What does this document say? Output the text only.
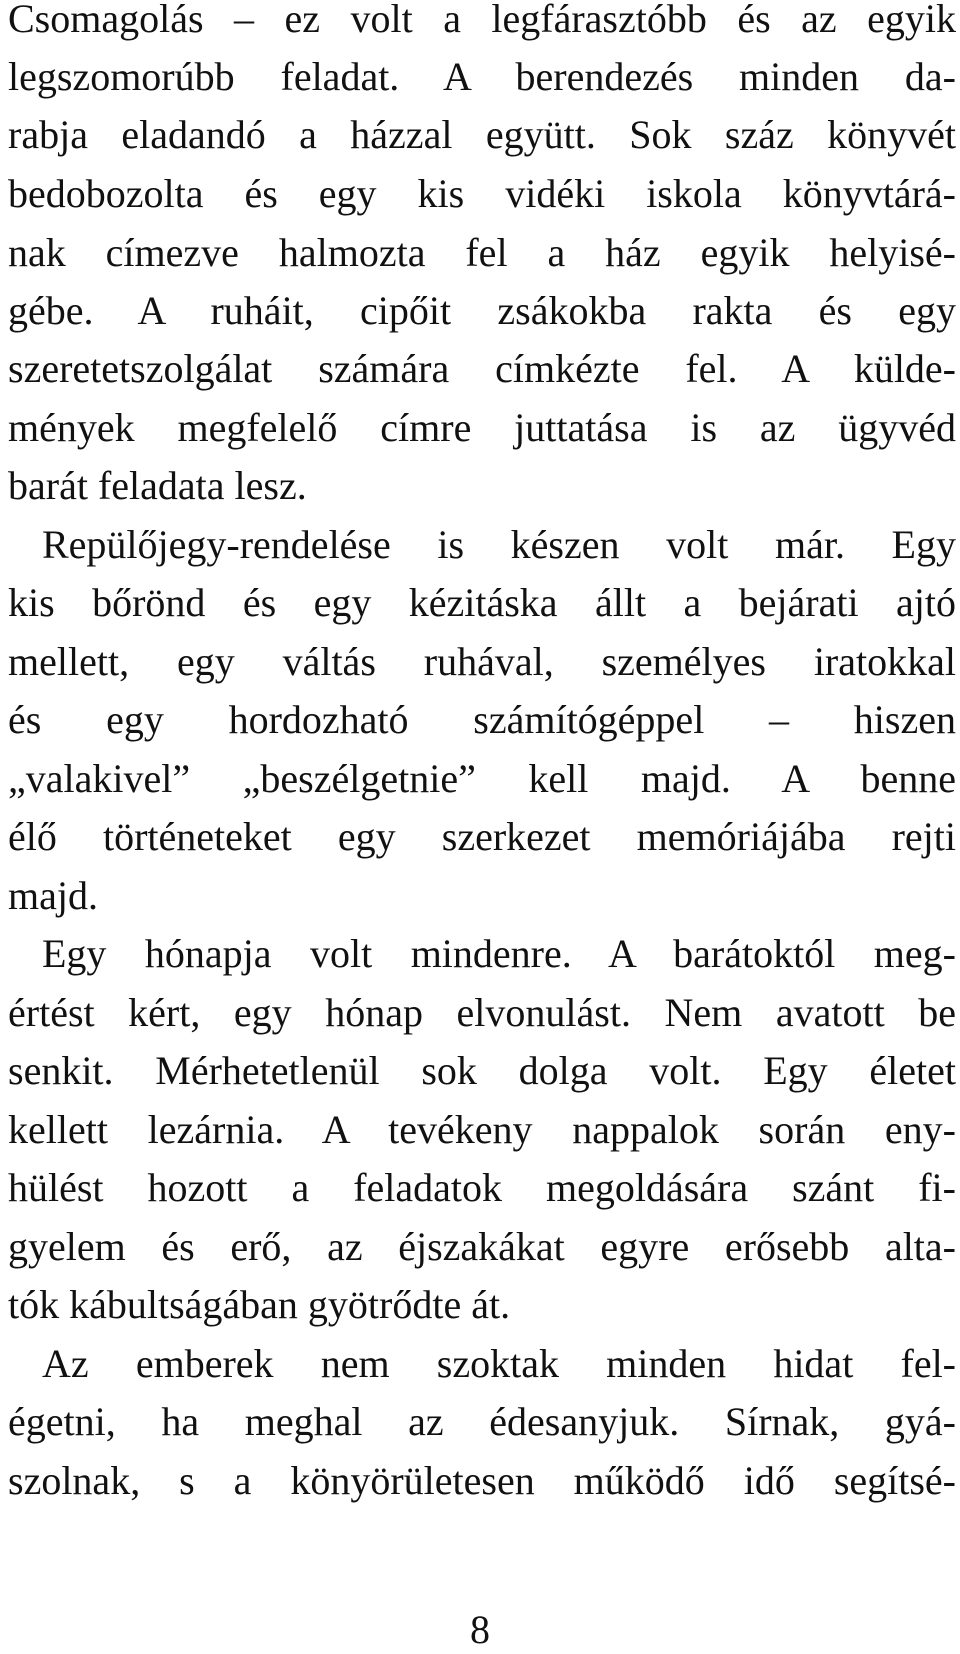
Csomagolás – ez volt a legfárasztóbb és az egyik
legszomorúbb feladat. A berendezés minden da-
rabja eladandó a házzal együtt. Sok száz könyvét
bedobozolta és egy kis vidéki iskola könyvtárá-
nak címezve halmozta fel a ház egyik helyisé-
gébe. A ruháit, cipőit zsákokba rakta és egy
szeretetszolgálat számára címkézte fel. A külde-
mények megfelelő címre juttatása is az ügyvéd
barát feladata lesz.
Repülőjegy-rendelése is készen volt már. Egy
kis bőrönd és egy kézitáska állt a bejárati ajtó
mellett, egy váltás ruhával, személyes iratokkal
és egy hordozható számítógéppel – hiszen
„valakivel” „beszélgetnie” kell majd. A benne
élő történeteket egy szerkezet memóriájába rejti
majd.
Egy hónapja volt mindenre. A barátoktól meg-
értést kért, egy hónap elvonulást. Nem avatott be
senkit. Mérhetetlenül sok dolga volt. Egy életet
kellett lezárnia. A tevékeny nappalok során eny-
hülést hozott a feladatok megoldására szánt fi-
gyelem és erő, az éjszakákat egyre erősebb alta-
tók kábultságában gyötrődte át.
Az emberek nem szoktak minden hidat fel-
égetni, ha meghal az édesanyjuk. Sírnak, gyá-
szolnak, s a könyörületesen működő idő segítsé-
8
